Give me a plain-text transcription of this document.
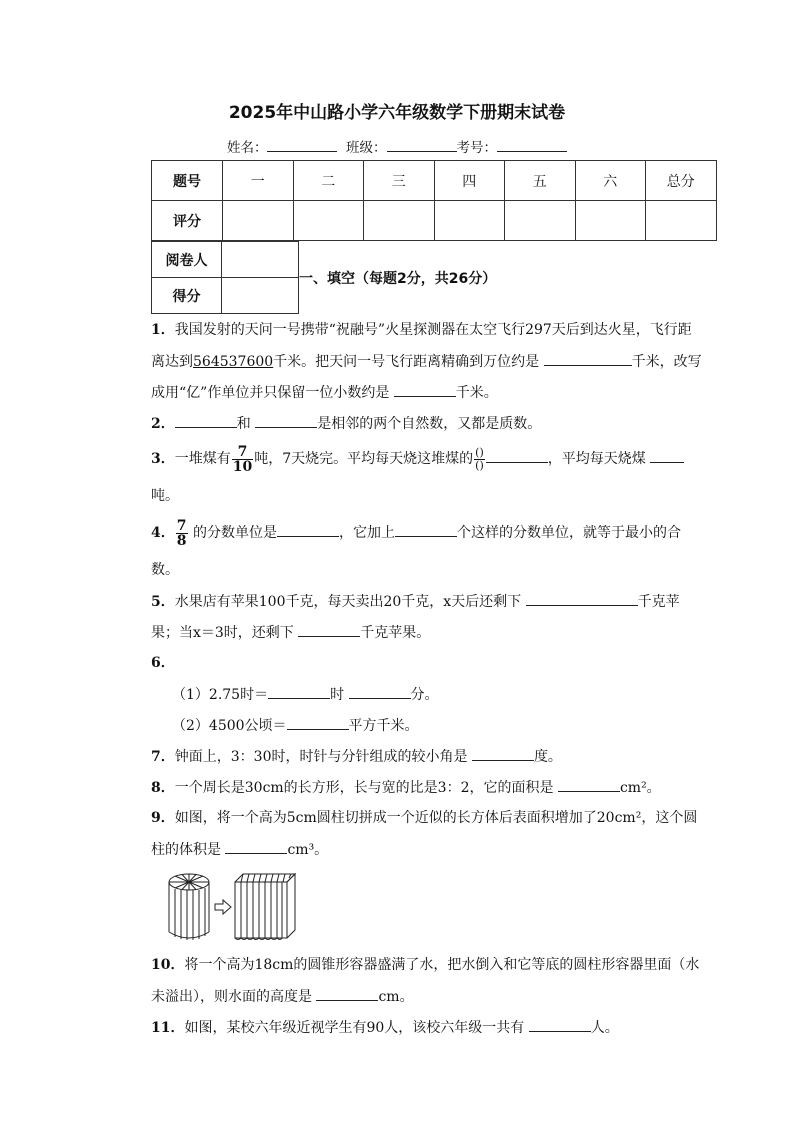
2025年中山路小学六年级数学下册期末试卷
姓名：	班级：	考号：
题号	一	二	三	四	五	六	总分
评分							
阅卷人	
得分	
一、填空（每题2分，共26分）
1．我国发射的天问一号携带“祝融号”火星探测器在太空飞行297天后到达火星，飞行距
离达到564537600千米。把天问一号飞行距离精确到万位约是	千米，改写
成用“亿”作单位并只保留一位小数约是	千米。
2．	和	是相邻的两个自然数，又都是质数。
3．一堆煤有 $\frac{7}{10}$ 吨，7天烧完。平均每天烧这堆煤的 $\frac{()}{()}$	，平均每天烧煤
吨。
4． $\frac{7}{8}$ 的分数单位是	，它加上	个这样的分数单位，就等于最小的合
数。
5．水果店有苹果100千克，每天卖出20千克，x天后还剩下	千克苹
果；当x＝3时，还剩下	千克苹果。
6．
（1）2.75时＝	时	分。
（2）4500公顷＝	平方千米。
7．钟面上，3：30时，时针与分针组成的较小角是	度。
8．一个周长是30cm的长方形，长与宽的比是3：2，它的面积是	cm²。
9．如图，将一个高为5cm圆柱切拼成一个近似的长方体后表面积增加了20cm²，这个圆
柱的体积是	cm³。
10．将一个高为18cm的圆锥形容器盛满了水，把水倒入和它等底的圆柱形容器里面（水
未溢出），则水面的高度是	cm。
11．如图，某校六年级近视学生有90人，该校六年级一共有	人。
